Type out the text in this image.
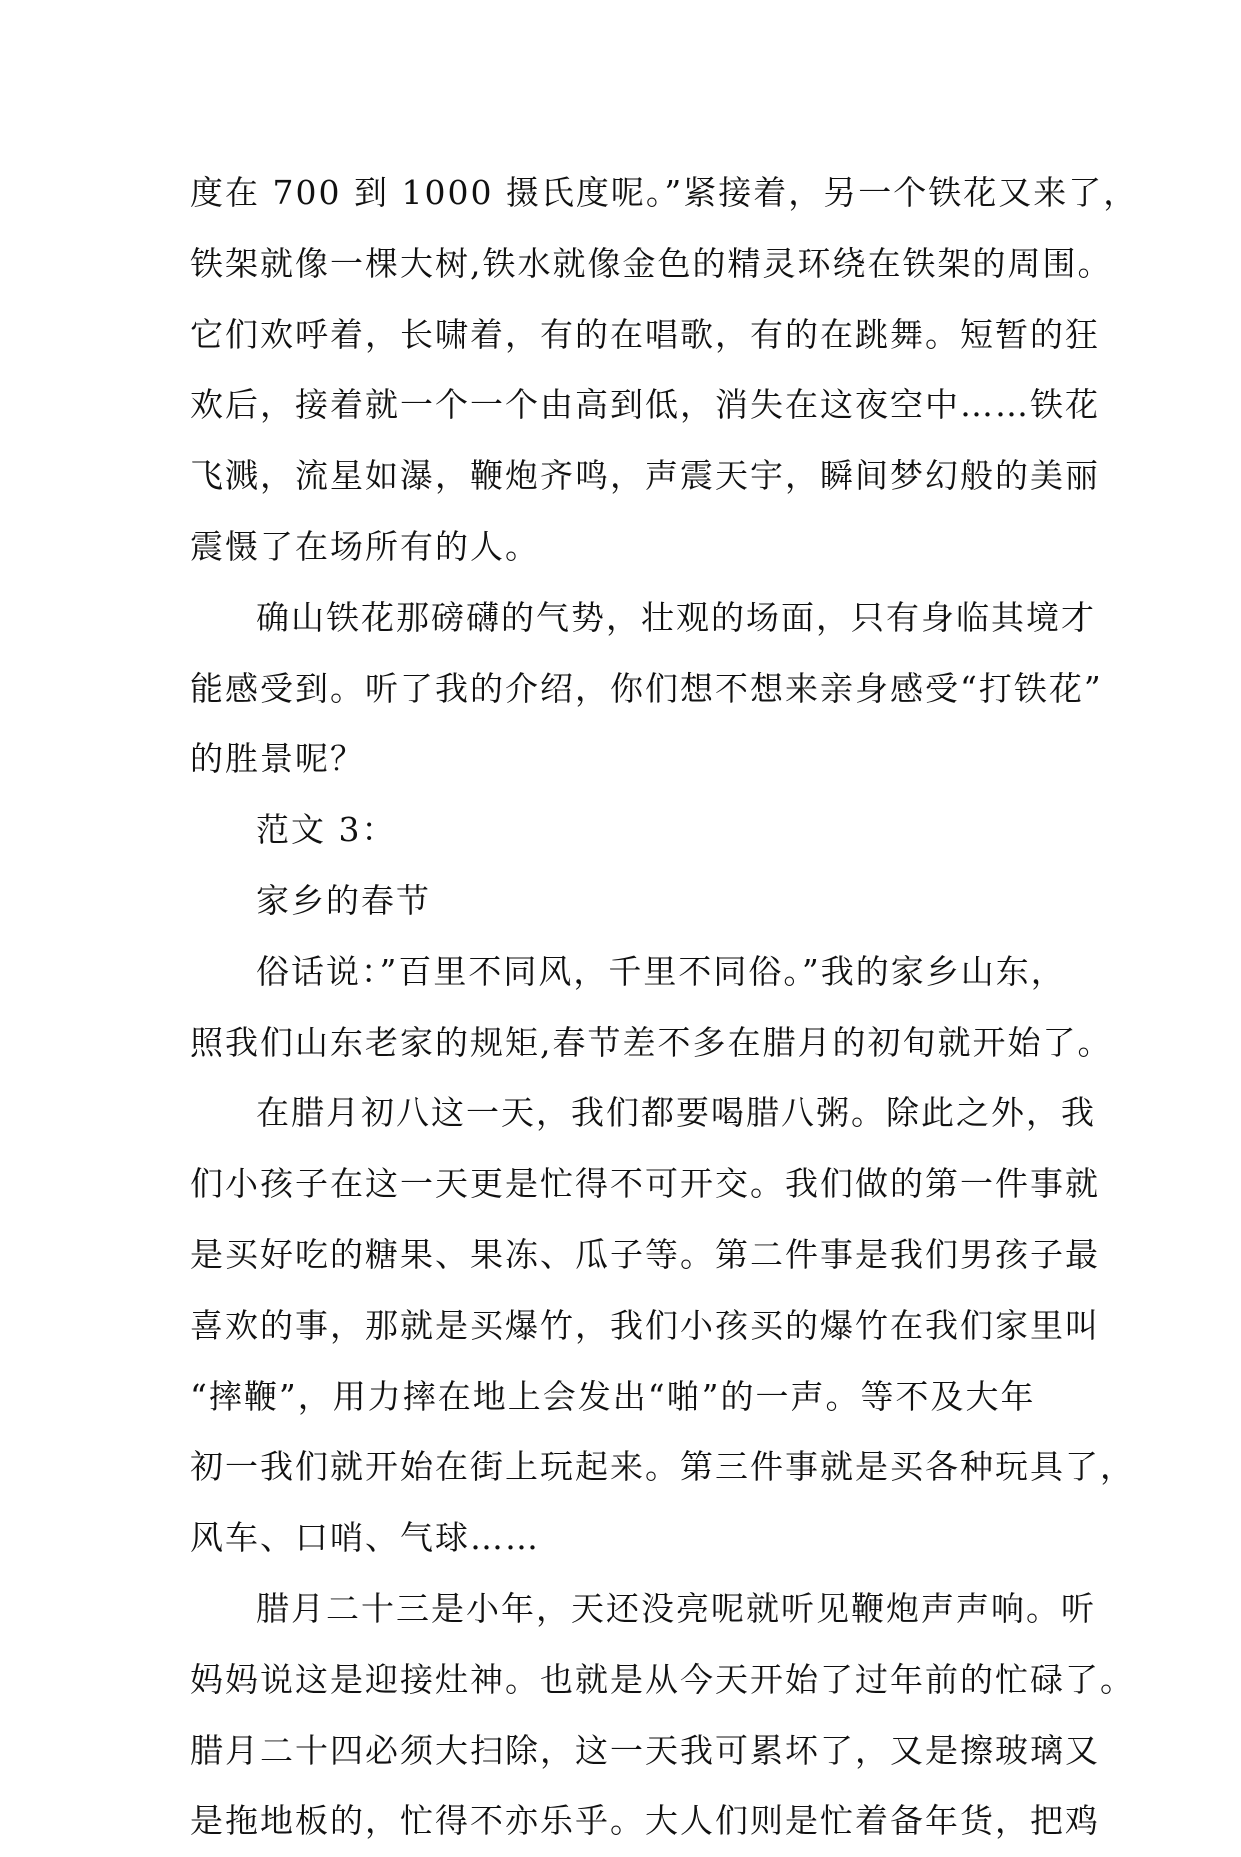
度在 700 到 1000 摄氏度呢。”紧接着，另一个铁花又来了，
铁架就像一棵大树,铁水就像金色的精灵环绕在铁架的周围。
它们欢呼着，长啸着，有的在唱歌，有的在跳舞。短暂的狂
欢后，接着就一个一个由高到低，消失在这夜空中……铁花
飞溅，流星如瀑，鞭炮齐鸣，声震天宇，瞬间梦幻般的美丽
震慑了在场所有的人。
确山铁花那磅礴的气势，壮观的场面，只有身临其境才
能感受到。听了我的介绍，你们想不想来亲身感受“打铁花”
的胜景呢？
范文 3：
家乡的春节
俗话说：”百里不同风，千里不同俗。”我的家乡山东，
照我们山东老家的规矩,春节差不多在腊月的初旬就开始了。
在腊月初八这一天，我们都要喝腊八粥。除此之外，我
们小孩子在这一天更是忙得不可开交。我们做的第一件事就
是买好吃的糖果、果冻、瓜子等。第二件事是我们男孩子最
喜欢的事，那就是买爆竹，我们小孩买的爆竹在我们家里叫
“摔鞭”，用力摔在地上会发出“啪”的一声。等不及大年
初一我们就开始在街上玩起来。第三件事就是买各种玩具了，
风车、口哨、气球……
腊月二十三是小年，天还没亮呢就听见鞭炮声声响。听
妈妈说这是迎接灶神。也就是从今天开始了过年前的忙碌了。
腊月二十四必须大扫除，这一天我可累坏了，又是擦玻璃又
是拖地板的，忙得不亦乐乎。大人们则是忙着备年货，把鸡
